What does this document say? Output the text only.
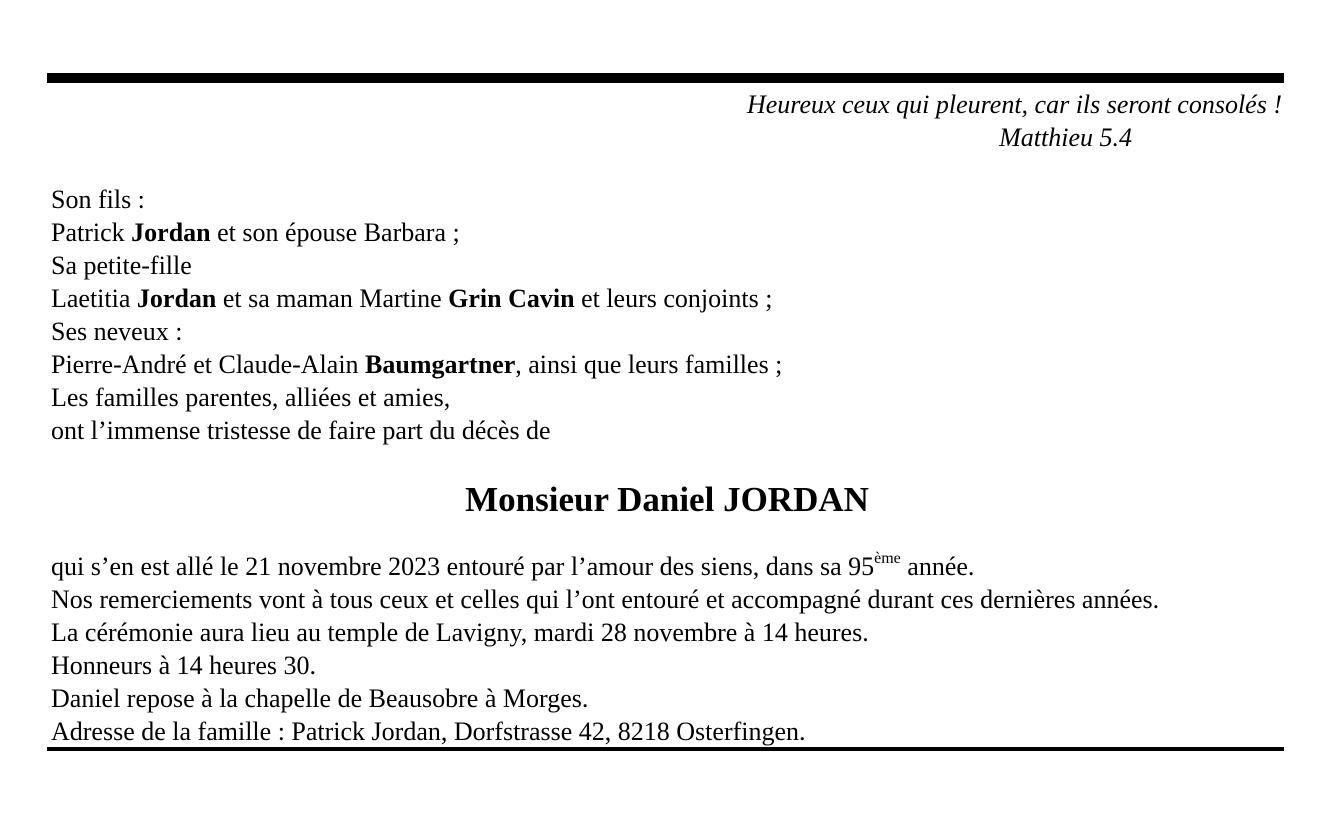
Heureux ceux qui pleurent, car ils seront consolés !
Matthieu 5.4
Son fils :
Patrick Jordan et son épouse Barbara ;
Sa petite-fille
Laetitia Jordan et sa maman Martine Grin Cavin et leurs conjoints ;
Ses neveux :
Pierre-André et Claude-Alain Baumgartner, ainsi que leurs familles ;
Les familles parentes, alliées et amies,
ont l’immense tristesse de faire part du décès de
Monsieur Daniel JORDAN
qui s’en est allé le 21 novembre 2023 entouré par l’amour des siens, dans sa 95ème année.
Nos remerciements vont à tous ceux et celles qui l’ont entouré et accompagné durant ces dernières années.
La cérémonie aura lieu au temple de Lavigny, mardi 28 novembre à 14 heures.
Honneurs à 14 heures 30.
Daniel repose à la chapelle de Beausobre à Morges.
Adresse de la famille : Patrick Jordan, Dorfstrasse 42, 8218 Osterfingen.
